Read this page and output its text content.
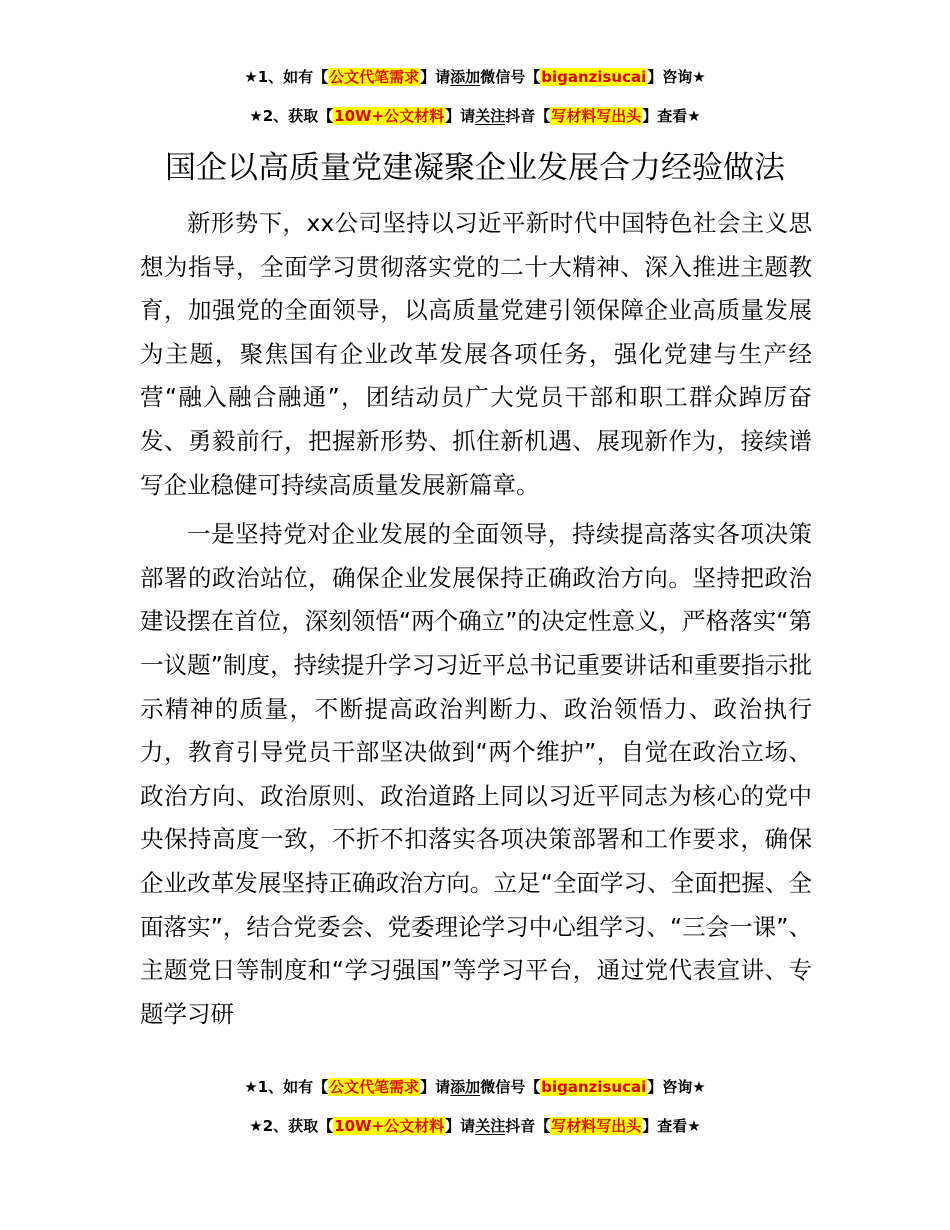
★1、如有【公文代笔需求】请添加微信号【biganzisucai】咨询★
★2、获取【10W+公文材料】请关注抖音【写材料写出头】查看★
国企以高质量党建凝聚企业发展合力经验做法

新形势下，xx公司坚持以习近平新时代中国特色社会主义思想为指导，全面学习贯彻落实党的二十大精神、深入推进主题教育，加强党的全面领导，以高质量党建引领保障企业高质量发展为主题，聚焦国有企业改革发展各项任务，强化党建与生产经营“融入融合融通”，团结动员广大党员干部和职工群众踔厉奋发、勇毅前行，把握新形势、抓住新机遇、展现新作为，接续谱写企业稳健可持续高质量发展新篇章。

一是坚持党对企业发展的全面领导，持续提高落实各项决策部署的政治站位，确保企业发展保持正确政治方向。坚持把政治建设摆在首位，深刻领悟“两个确立”的决定性意义，严格落实“第一议题”制度，持续提升学习习近平总书记重要讲话和重要指示批示精神的质量，不断提高政治判断力、政治领悟力、政治执行力，教育引导党员干部坚决做到“两个维护”，自觉在政治立场、政治方向、政治原则、政治道路上同以习近平同志为核心的党中央保持高度一致，不折不扣落实各项决策部署和工作要求，确保企业改革发展坚持正确政治方向。立足“全面学习、全面把握、全面落实”，结合党委会、党委理论学习中心组学习、“三会一课”、主题党日等制度和“学习强国”等学习平台，通过党代表宣讲、专题学习研

★1、如有【公文代笔需求】请添加微信号【biganzisucai】咨询★
★2、获取【10W+公文材料】请关注抖音【写材料写出头】查看★
